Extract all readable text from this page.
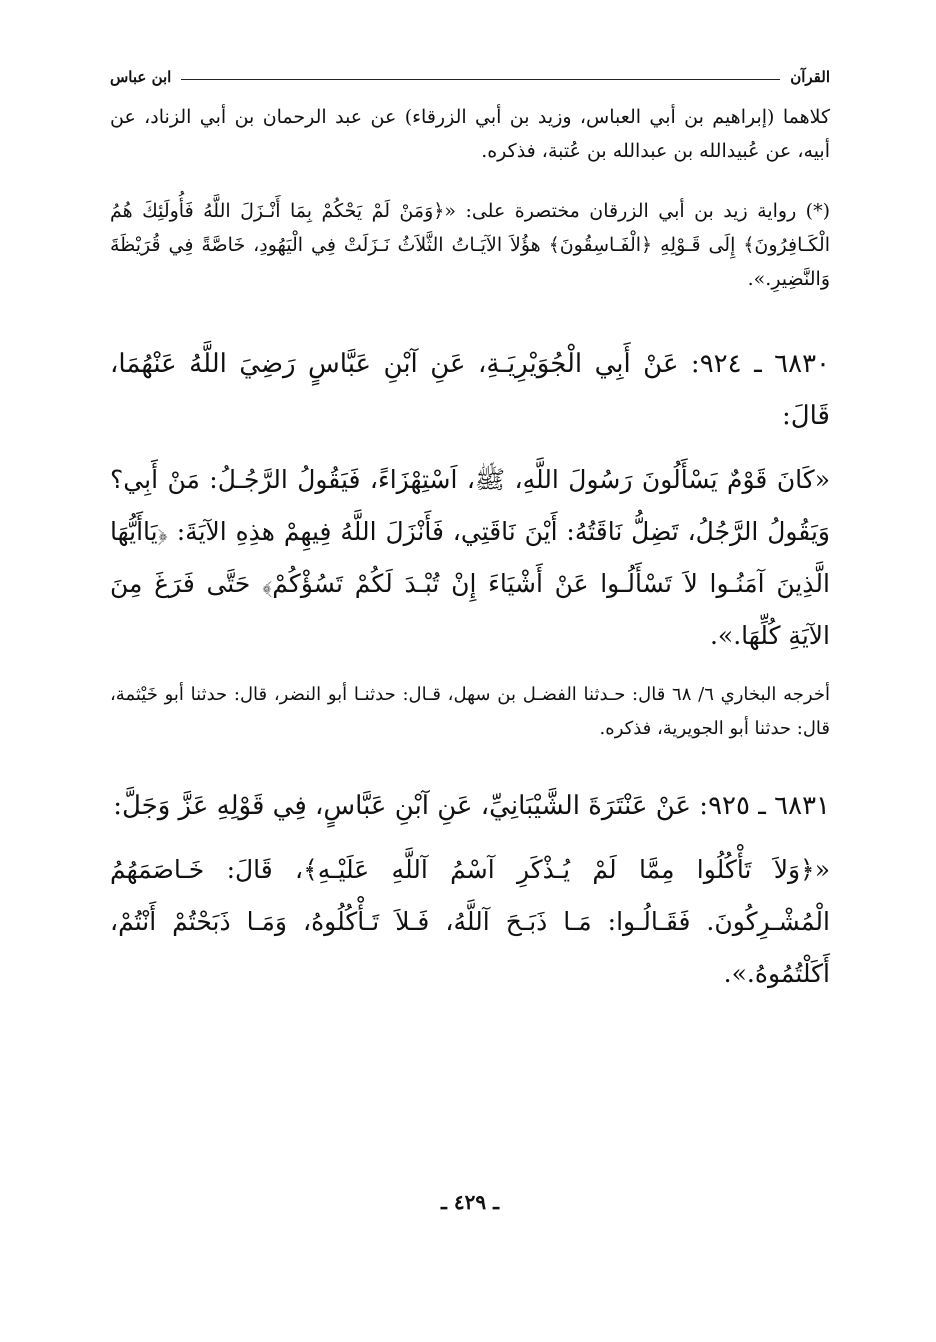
القرآن
ابن عباس

كلاهما (إبراهيم بن أبي العباس، وزيد بن أبي الزرقاء) عن عبد الرحمان بن أبي الزناد، عن أبيه، عن عُبيدالله بن عبدالله بن عُتبة، فذكره.

(*) رواية زيد بن أبي الزرقان مختصرة على: «﴿وَمَنْ لَمْ يَحْكُمْ بِمَا أَنْـزَلَ اللَّهُ فَأُولَئِكَ هُمُ الْكَـافِرُونَ﴾ إِلَى قَـوْلِهِ ﴿الْفَـاسِقُونَ﴾ هؤُلاَ الآيَـاتُ الثَّلاَثُ نَـزَلَتْ فِي الْيَهُودِ، خَاصَّةً فِي قُرَيْظَةَ وَالنَّضِيرِ.».

٦٨٣٠ ـ ٩٢٤: عَنْ أَبِي الْجُوَيْرِيَـةِ، عَنِ آبْنِ عَبَّاسٍ رَضِيَ اللَّهُ عَنْهُمَا، قَالَ:

«كَانَ قَوْمٌ يَسْأَلُونَ رَسُولَ اللَّهِ، ﷺ، اَسْتِهْزَاءً، فَيَقُولُ الرَّجُـلُ: مَنْ أَبِي؟ وَيَقُولُ الرَّجُلُ، تَضِلُّ نَاقَتُهُ: أَيْنَ نَاقَتِي، فَأَنْزَلَ اللَّهُ فِيهِمْ هذِهِ الآيَةَ: ﴿يَاأَيُّهَا الَّذِينَ آمَنُـوا لاَ تَسْأَلُـوا عَنْ أَشْيَاءَ إِنْ تُبْـدَ لَكُمْ تَسُؤْكُمْ﴾ حَتَّى فَرَغَ مِنَ الآيَةِ كُلِّهَا.».

أخرجه البخاري ٦/ ٦٨ قال: حـدثنا الفضـل بن سهل، قـال: حدثنـا أبو النضر، قال: حدثنا أبو خَيْثمة، قال: حدثنا أبو الجويرية، فذكره.

٦٨٣١ ـ ٩٢٥: عَنْ عَنْتَرَةَ الشَّيْبَانِيِّ، عَنِ آبْنِ عَبَّاسٍ، فِي قَوْلِهِ عَزَّ وَجَلَّ:

«﴿وَلاَ تَأْكُلُوا مِمَّا لَمْ يُـذْكَرِ آسْمُ آللَّهِ عَلَيْـهِ﴾، قَالَ: خَـاصَمَهُمُ الْمُشْـرِكُونَ. فَقَـالُـوا: مَـا ذَبَـحَ آللَّهُ، فَـلاَ تَـأْكُلُوهُ، وَمَـا ذَبَحْتُمْ أَنْتُمْ، أَكَلْتُمُوهُ.».

ـ ٤٢٩ ـ
